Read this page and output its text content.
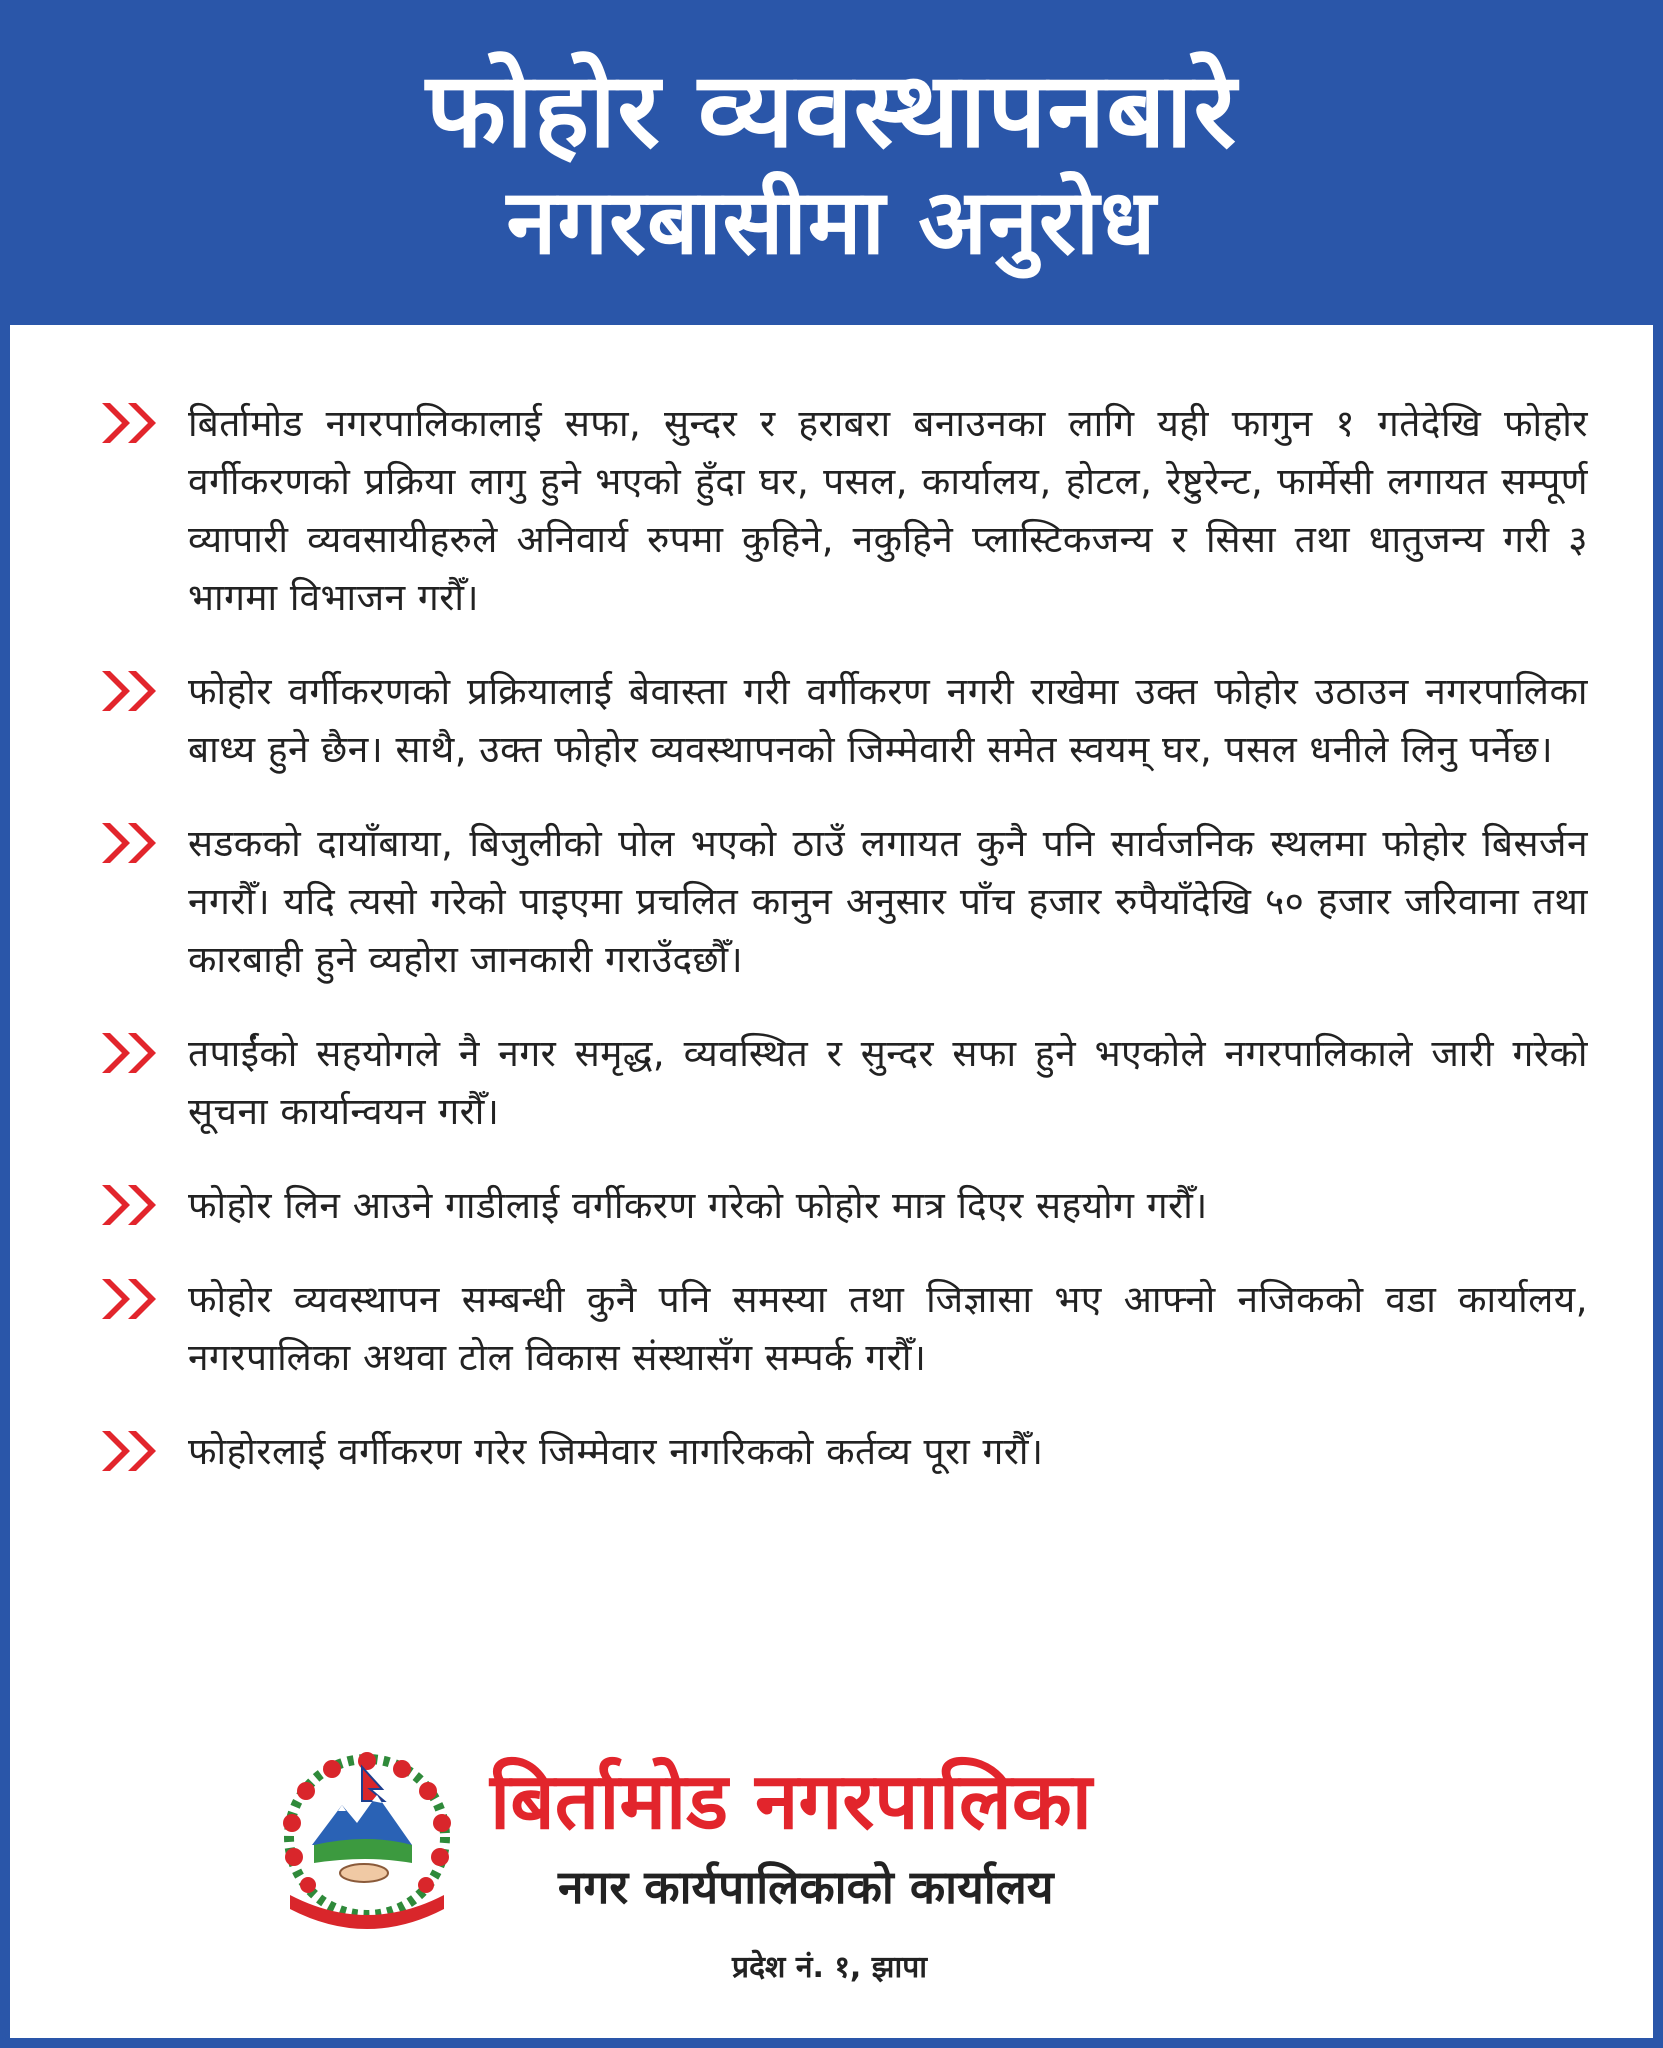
फोहोर व्यवस्थापनबारे
नगरबासीमा अनुरोध
बिर्तामोड नगरपालिकालाई सफा, सुन्दर र हराबरा बनाउनका लागि यही फागुन १ गतेदेखि फोहोर वर्गीकरणको प्रक्रिया लागु हुने भएको हुँदा घर, पसल, कार्यालय, होटल, रेष्टुरेन्ट, फार्मेसी लगायत सम्पूर्ण व्यापारी व्यवसायीहरुले अनिवार्य रुपमा कुहिने, नकुहिने प्लास्टिकजन्य र सिसा तथा धातुजन्य गरी ३ भागमा विभाजन गरौँ।
फोहोर वर्गीकरणको प्रक्रियालाई बेवास्ता गरी वर्गीकरण नगरी राखेमा उक्त फोहोर उठाउन नगरपालिका बाध्य हुने छैन। साथै, उक्त फोहोर व्यवस्थापनको जिम्मेवारी समेत स्वयम् घर, पसल धनीले लिनु पर्नेछ।
सडकको दायाँबाया, बिजुलीको पोल भएको ठाउँ लगायत कुनै पनि सार्वजनिक स्थलमा फोहोर बिसर्जन नगरौँ। यदि त्यसो गरेको पाइएमा प्रचलित कानुन अनुसार पाँच हजार रुपैयाँदेखि ५० हजार जरिवाना तथा कारबाही हुने व्यहोरा जानकारी गराउँदछौँ।
तपाईंको सहयोगले नै नगर समृद्ध, व्यवस्थित र सुन्दर सफा हुने भएकोले नगरपालिकाले जारी गरेको सूचना कार्यान्वयन गरौँ।
फोहोर लिन आउने गाडीलाई वर्गीकरण गरेको फोहोर मात्र दिएर सहयोग गरौँ।
फोहोर व्यवस्थापन सम्बन्धी कुनै पनि समस्या तथा जिज्ञासा भए आफ्नो नजिकको वडा कार्यालय, नगरपालिका अथवा टोल विकास संस्थासँग सम्पर्क गरौँ।
फोहोरलाई वर्गीकरण गरेर जिम्मेवार नागरिकको कर्तव्य पूरा गरौँ।
बिर्तामोड नगरपालिका
नगर कार्यपालिकाको कार्यालय
प्रदेश नं. १, झापा
